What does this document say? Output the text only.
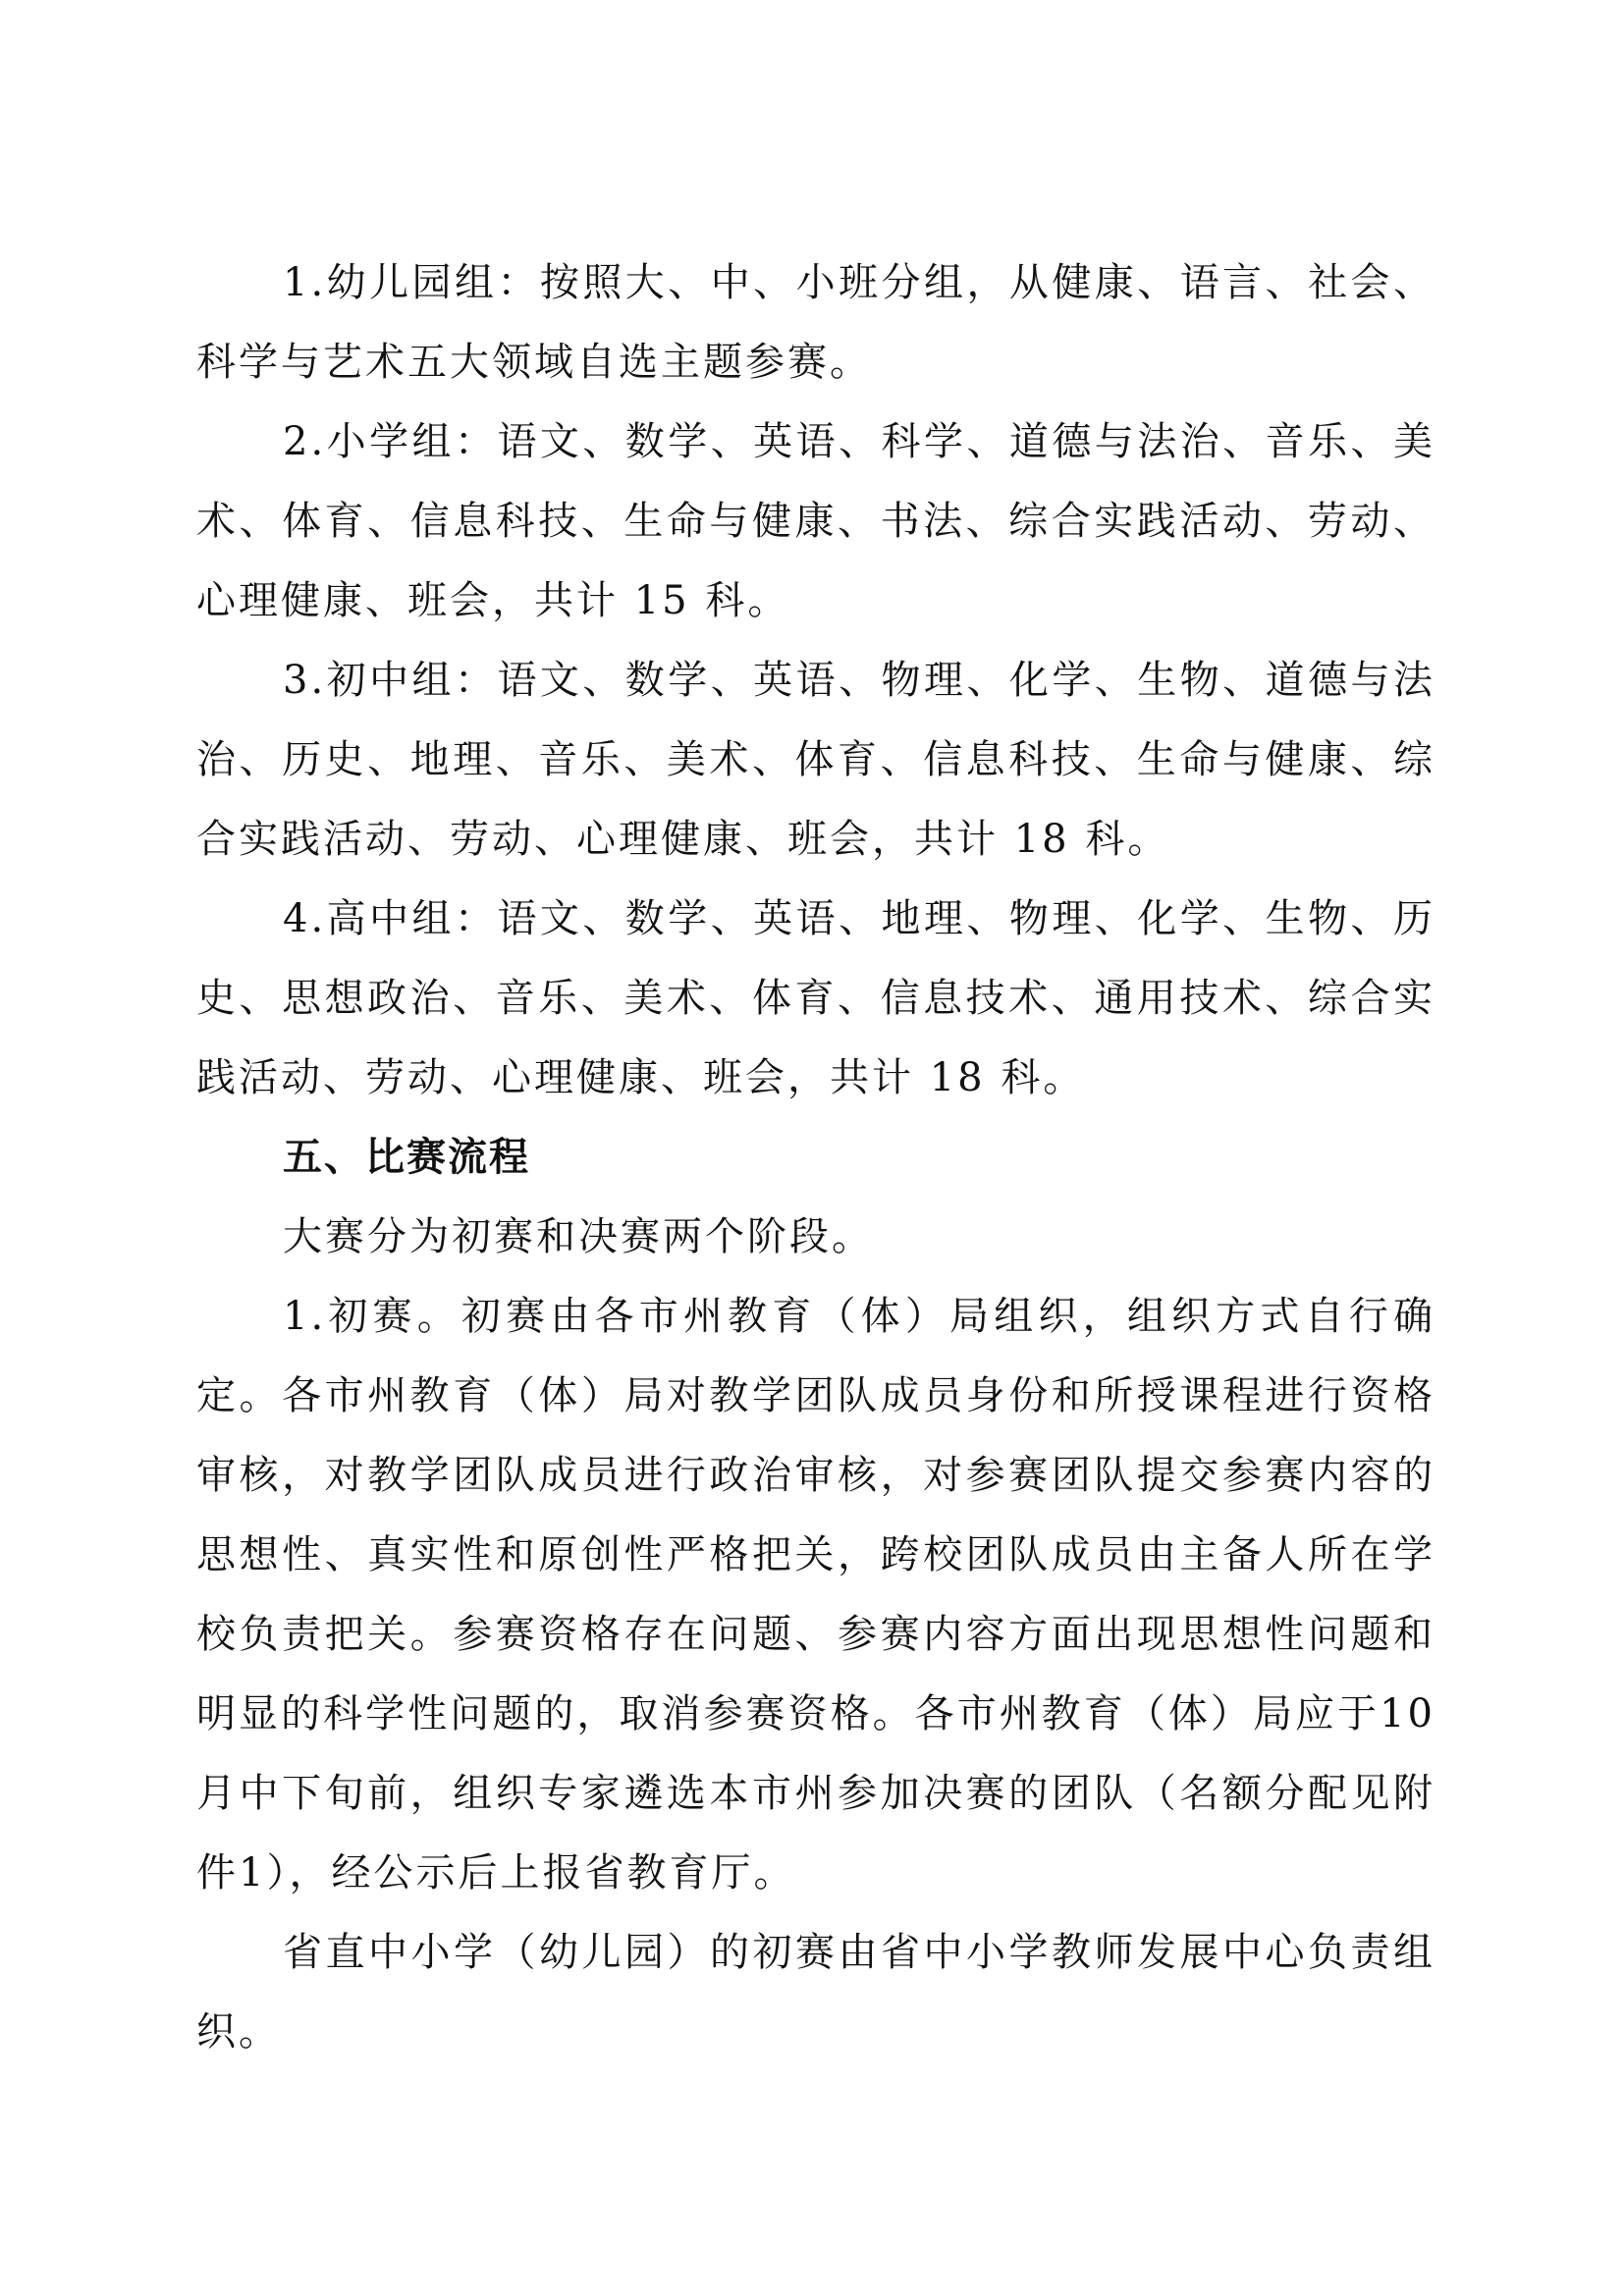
1.幼儿园组：按照大、中、小班分组，从健康、语言、社会、科学与艺术五大领域自选主题参赛。

2.小学组：语文、数学、英语、科学、道德与法治、音乐、美术、体育、信息科技、生命与健康、书法、综合实践活动、劳动、心理健康、班会，共计 15 科。

3.初中组：语文、数学、英语、物理、化学、生物、道德与法治、历史、地理、音乐、美术、体育、信息科技、生命与健康、综合实践活动、劳动、心理健康、班会，共计 18 科。

4.高中组：语文、数学、英语、地理、物理、化学、生物、历史、思想政治、音乐、美术、体育、信息技术、通用技术、综合实践活动、劳动、心理健康、班会，共计 18 科。

五、比赛流程

大赛分为初赛和决赛两个阶段。

1.初赛。初赛由各市州教育（体）局组织，组织方式自行确定。各市州教育（体）局对教学团队成员身份和所授课程进行资格审核，对教学团队成员进行政治审核，对参赛团队提交参赛内容的思想性、真实性和原创性严格把关，跨校团队成员由主备人所在学校负责把关。参赛资格存在问题、参赛内容方面出现思想性问题和明显的科学性问题的，取消参赛资格。各市州教育（体）局应于10月中下旬前，组织专家遴选本市州参加决赛的团队（名额分配见附件1），经公示后上报省教育厅。

省直中小学（幼儿园）的初赛由省中小学教师发展中心负责组织。
